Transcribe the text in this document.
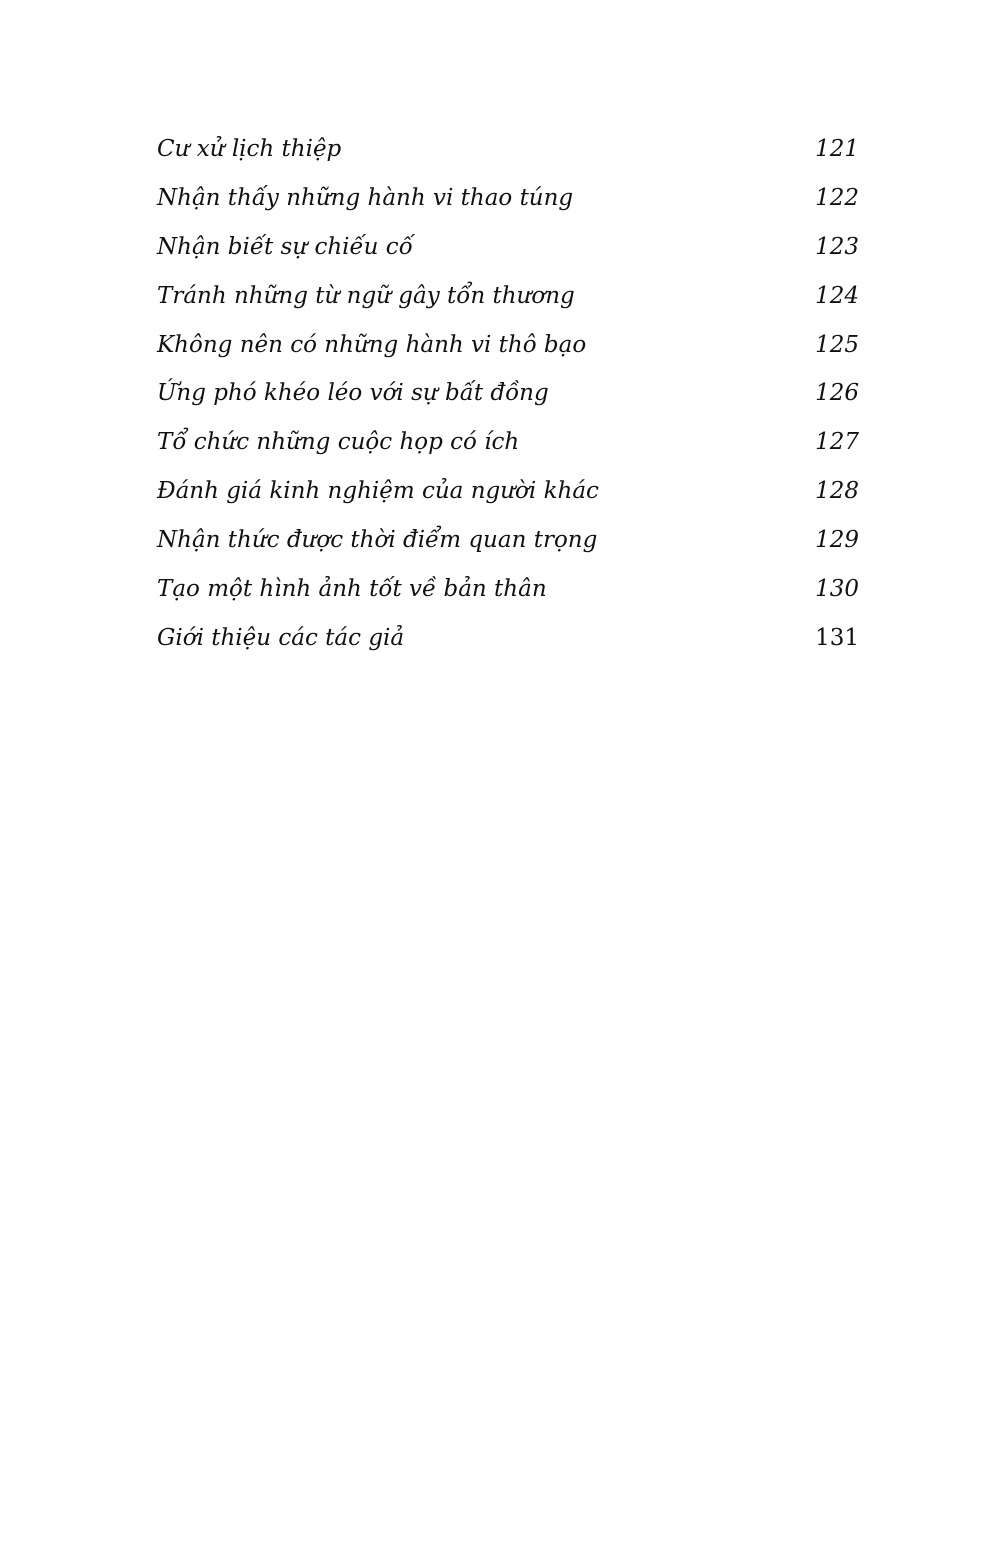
Cư xử lịch thiệp	121
Nhận thấy những hành vi thao túng	122
Nhận biết sự chiếu cố	123
Tránh những từ ngữ gây tổn thương	124
Không nên có những hành vi thô bạo	125
Ứng phó khéo léo với sự bất đồng	126
Tổ chức những cuộc họp có ích	127
Đánh giá kinh nghiệm của người khác	128
Nhận thức được thời điểm quan trọng	129
Tạo một hình ảnh tốt về bản thân	130
Giới thiệu các tác giả	131
